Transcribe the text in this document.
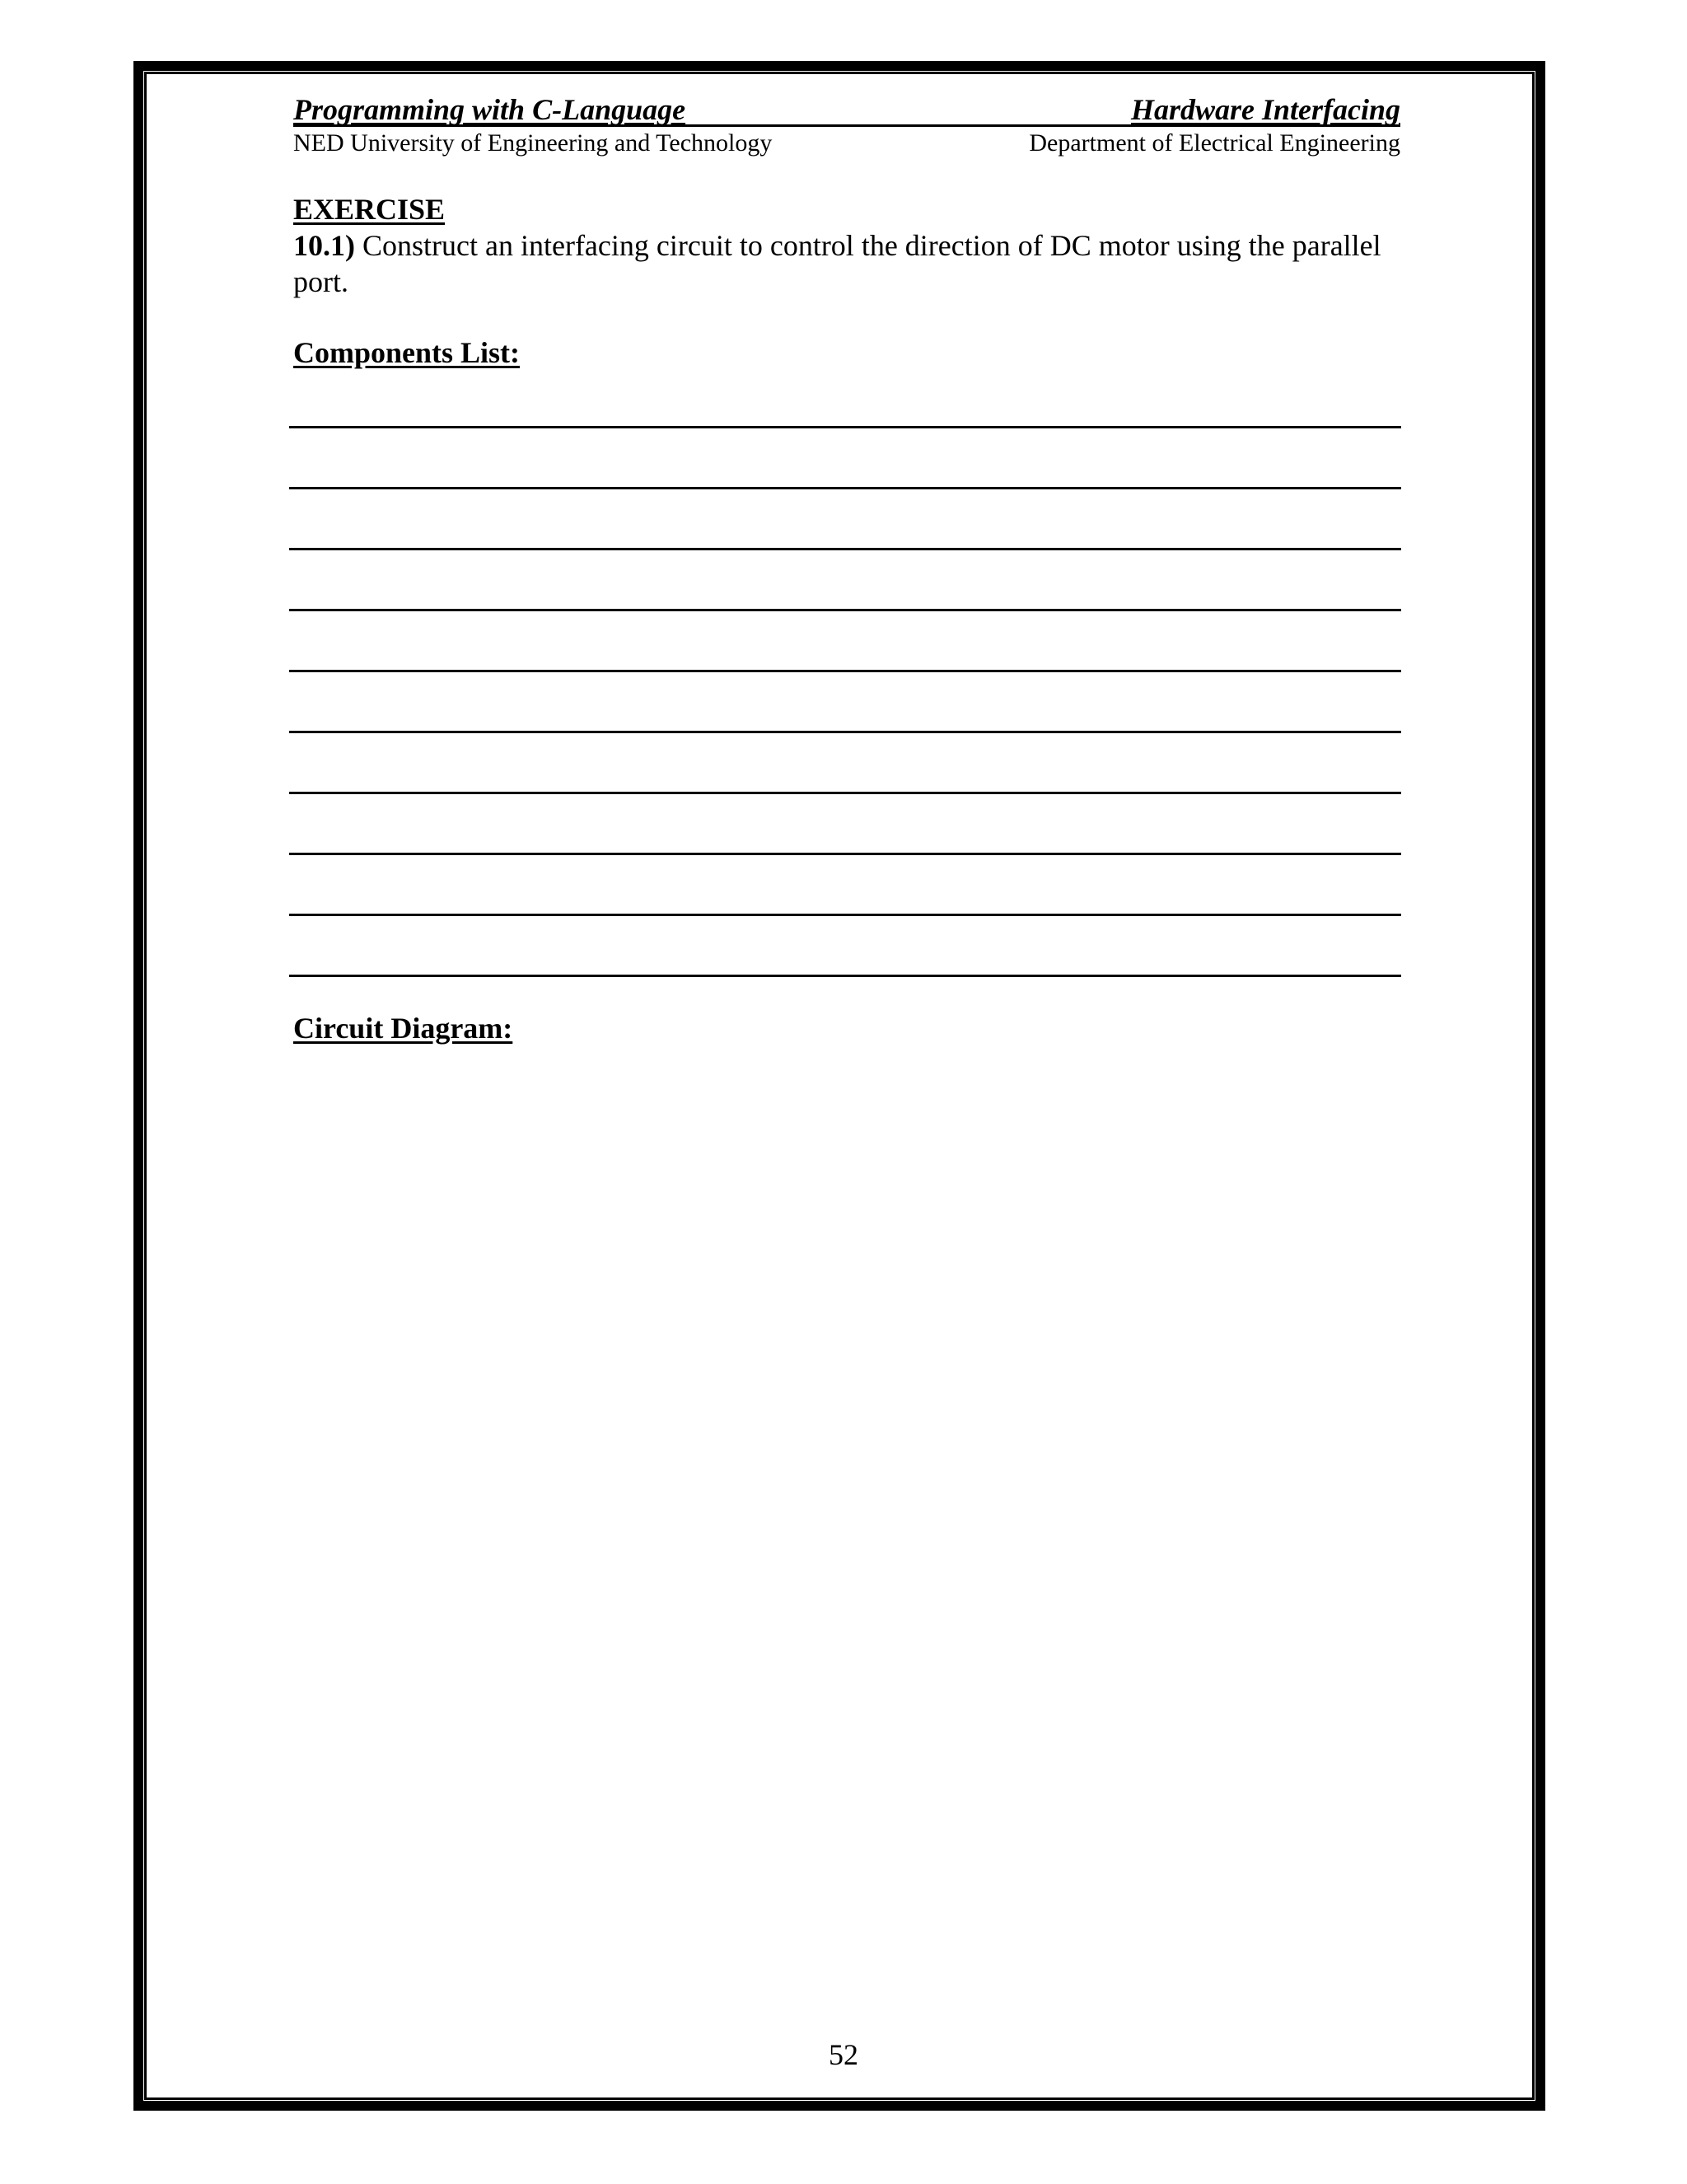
Programming with C-Language	Hardware Interfacing
NED University of Engineering and Technology	Department of Electrical Engineering
EXERCISE
10.1) Construct an interfacing circuit to control the direction of DC motor using the parallel port.
Components List:
Circuit Diagram:
52
